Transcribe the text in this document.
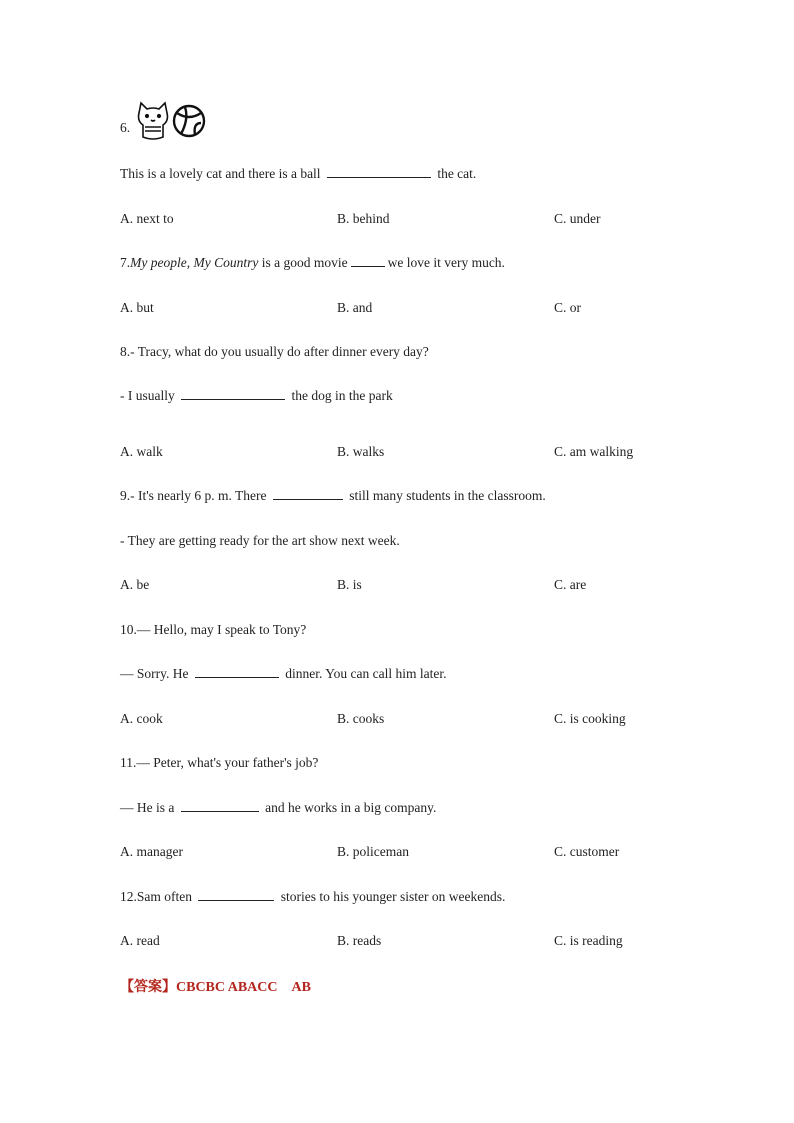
6.
This is a lovely cat and there is a ball	the cat.
A. next to	B. behind	C. under
7.My people, My Country is a good movie	we love it very much.
A. but	B. and	C. or
8.- Tracy, what do you usually do after dinner every day?
- I usually	the dog in the park
A. walk	B. walks	C. am walking
9.- It's nearly 6 p. m. There	still many students in the classroom.
- They are getting ready for the art show next week.
A. be	B. is	C. are
10.— Hello, may I speak to Tony?
— Sorry. He	dinner. You can call him later.
A. cook	B. cooks	C. is cooking
11.— Peter, what's your father's job?
— He is a	and he works in a big company.
A. manager	B. policeman	C. customer
12.Sam often	stories to his younger sister on weekends.
A. read	B. reads	C. is reading
【答案】CBCBC ABACC    AB
